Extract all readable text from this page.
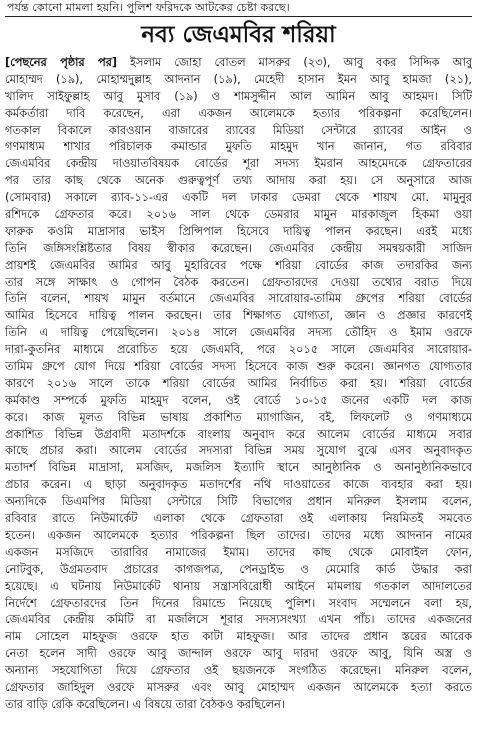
পর্যন্ত কোনো মামলা হয়নি। পুলিশ ফরিদকে আটকের চেষ্টা করছে।
নব্য জেএমবির শরিয়া
[পেছনের পৃষ্ঠার পর] ইসলাম জোহা বোতল মাসরুর (২৩), আবু বকর সিদ্দিক আবু
মোহাম্মদ (১৯), মোহাম্মদুল্লাহ আদনান (১৯), মেহেদী হাসান ইমন আবু হামজা (২১),
খালিদ সাইফুল্লাহ আবু মুসাব (১৯) ও শামসুদ্দীন আল আমিন আবু আহমদ। সিটি
কর্মকর্তারা দাবি করেছেন, এরা একজন আলেমকে হত্যার পরিকল্পনা করেছিলেন।
গতকাল বিকালে কারওয়ান বাজারের র‍্যাবের মিডিয়া সেন্টারে র‍্যাবের আইন ও
গণমাধ্যম শাখার পরিচালক কমান্ডার মুফতি মাহমুদ খান জানান, গত রবিবার
জেএমবির কেন্দ্রীয় দাওয়াতবিষয়ক বোর্ডের শূরা সদস্য ইমরান আহমেদকে গ্রেফতারের
পর তার কাছ থেকে অনেক গুরুত্বপূর্ণ তথ্য আদায় করা হয়। সে অনুসারে আজ
(সোমবার) সকালে র‍্যাব-১১-এর একটি দল ঢাকার ডেমরা থেকে শায়খ মো. মামুনুর
রশিদকে গ্রেফতার করে। ২০১৬ সাল থেকে ডেমরার মামুন মারকাজুল হিকমা ওয়া
ফারুক কওমি মাদ্রাসার ভাইস প্রিন্সিপাল হিসেবে দায়িত্ব পালন করছেন। এরই মধ্যে
তিনি জঙ্গিসংশ্লিষ্টতার বিষয় স্বীকার করেছেন। জেএমবির কেন্দ্রীয় সমন্বয়কারী সাজিদ
প্রায়শই জেএমবির আমির আবু মুহারিবের পক্ষে শরিয়া বোর্ডের কাজ তদারকির জন্য
তার সঙ্গে সাক্ষাৎ ও গোপন বৈঠক করতেন। গ্রেফতারদের দেওয়া তথ্যের বরাত দিয়ে
তিনি বলেন, শায়খ মামুন বর্তমানে জেএমবির সারোয়ার-তামিম গ্রুপের শরিয়া বোর্ডের
আমির হিসেবে দায়িত্ব পালন করছেন। তার শিক্ষাগত যোগ্যতা, জ্ঞান ও প্রজ্ঞার কারণেই
তিনি এ দায়িত্ব পেয়েছিলেন। ২০১৪ সালে জেএমবির সদস্য তৌহিদ ও ইমাম ওরফে
দারা-কুতনির মাধ্যমে প্ররোচিত হয়ে জেএমবি, পরে ২০১৫ সালে জেএমবির সারোয়ার-
তামিম গ্রুপে যোগ দিয়ে শরিয়া বোর্ডের সদস্য হিসেবে কাজ শুরু করেন। জ্ঞানগত যোগ্যতার
কারণে ২০১৬ সালে তাকে শরিয়া বোর্ডের আমির নির্বাচিত করা হয়। শরিয়া বোর্ডের
কর্মকাণ্ড সম্পর্কে মুফতি মাহমুদ বলেন, ওই বোর্ডে ১০-১৫ জনের একটি দল কাজ
করে। কাজ মূলত বিভিন্ন ভাষায় প্রকাশিত ম্যাগাজিন, বই, লিফলেট ও গণমাধ্যমে
প্রকাশিত বিভিন্ন উগ্রবাদী মতাদর্শকে বাংলায় অনুবাদ করে আলেম বোর্ডের মাধ্যমে সবার
কাছে প্রচার করা। আলেম বোর্ডের সদস্যরা বিভিন্ন সময় সুযোগ বুঝে এসব অনুবাদকৃত
মতাদর্শ বিভিন্ন মাদ্রাসা, মসজিদ, মজলিস ইত্যাদি স্থানে আনুষ্ঠানিক ও অনানুষ্ঠানিকভাবে
প্রচার করেন। এ ছাড়া অনুবাদকৃত মতাদর্শের নথি দাওয়াতের কাজে ব্যবহার করা হয়।
অন্যদিকে ডিএমপির মিডিয়া সেন্টারে সিটি বিভাগের প্রধান মনিরুল ইসলাম বলেন,
রবিবার রাতে নিউমার্কেট এলাকা থেকে গ্রেফতারা ওই এলাকায় নিয়মিতই সমবেত
হতেন। একজন আলেমকে হত্যার পরিকল্পনা ছিল তাদের। তাদের মধ্যে আদনান নামের
একজন মসজিদে তারাবির নামাজের ইমাম। তাদের কাছ থেকে মোবাইল ফোন,
নোটবুক, উগ্রমতবাদ প্রচারের কাগজপত্র, পেনড্রাইভ ও মেমোরি কার্ড উদ্ধার করা
হয়েছে। এ ঘটনায় নিউমার্কেট থানায় সন্ত্রাসবিরোধী আইনে মামলায় গতকাল আদালতের
নির্দেশে গ্রেফতারদের তিন দিনের রিমান্ডে নিয়েছে পুলিশ। সংবাদ সম্মেলনে বলা হয়,
জেএমবির কেন্দ্রীয় কমিটি বা মজলিসে শূরার সদস্যসংখ্যা এখন পাঁচ। তাদের একজনের
নাম সোহেল মাহফুজ ওরফে হাত কাটা মাহফুজ। আর তাদের প্রধান স্তরের আরেক
নেতা হলেন সাদী ওরফে আবু জান্দাল ওরফে আবু দারদা ওরফে আবু, যিনি অস্ত্র ও
অন্যান্য সহযোগিতা দিয়ে গ্রেফতার ওই ছয়জনকে সংগঠিত করেছেন। মনিরুল বলেন,
গ্রেফতার জাহিদুল ওরফে মাসরুর এবং আবু মোহাম্মদ একজন আলেমকে হত্যা করতে
তার বাড়ি রেকি করেছিলেন। এ বিষয়ে তারা বৈঠকও করছিলেন।
